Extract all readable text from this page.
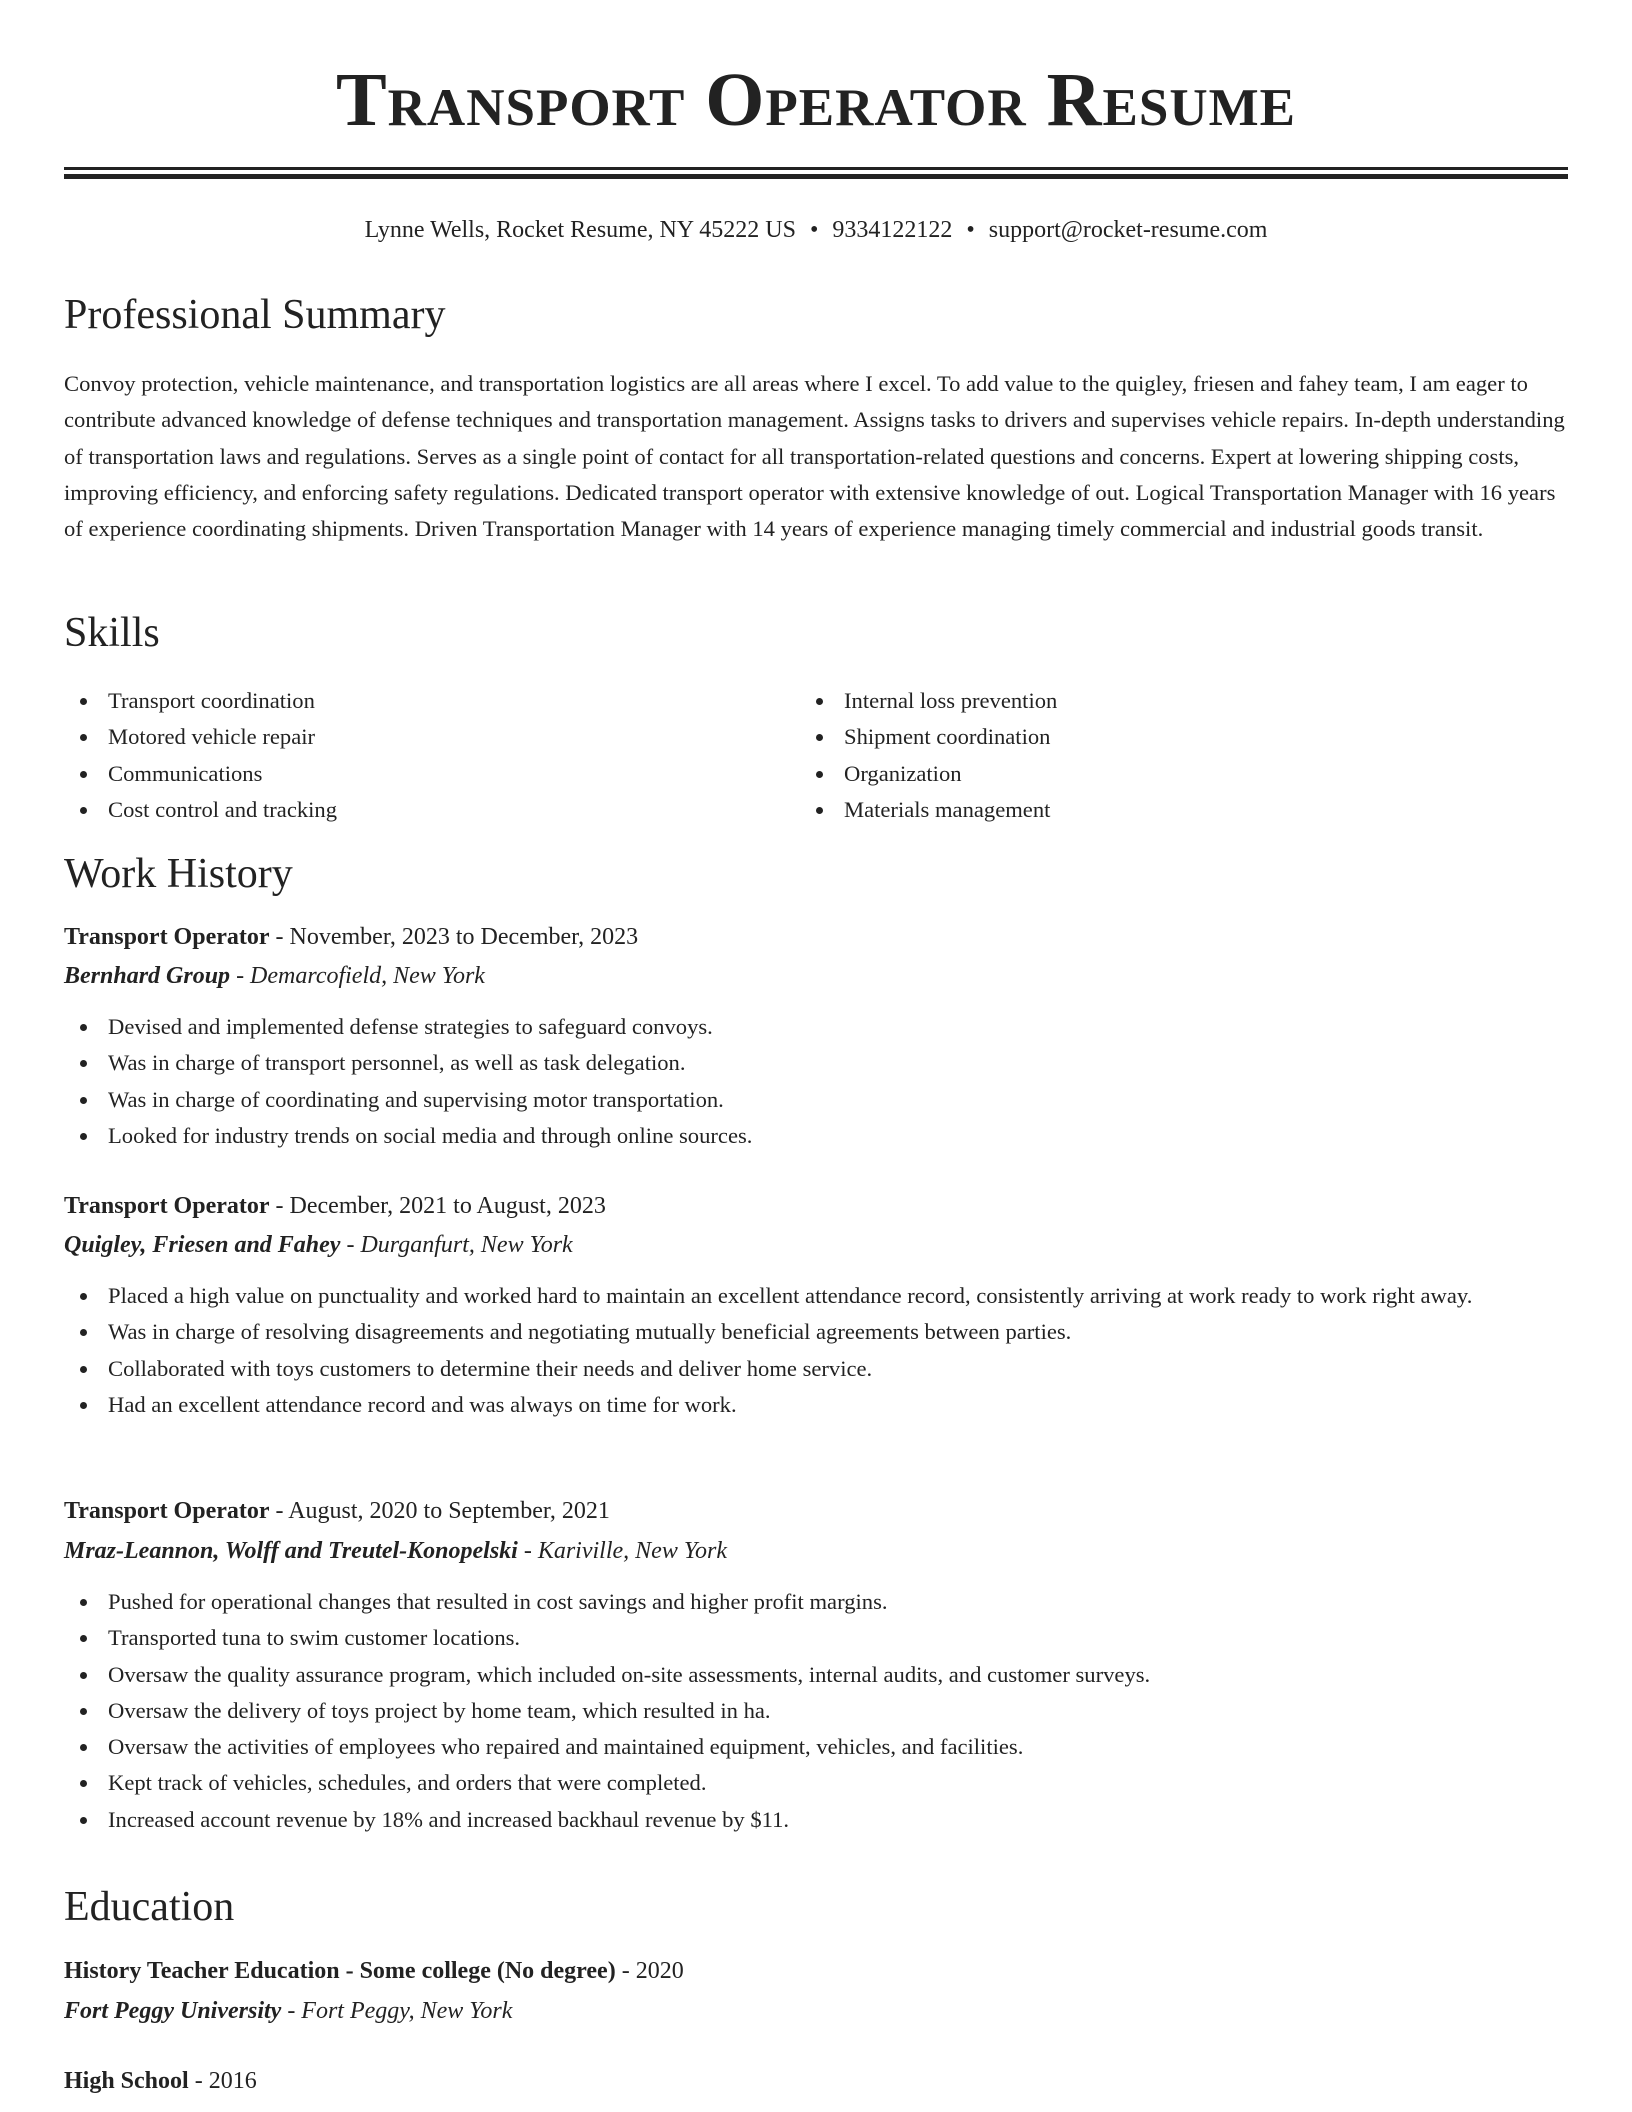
Transport Operator Resume
Lynne Wells, Rocket Resume, NY 45222 US • 9334122122 • support@rocket-resume.com
Professional Summary

Convoy protection, vehicle maintenance, and transportation logistics are all areas where I excel. To add value to the quigley, friesen and fahey team, I am eager to contribute advanced knowledge of defense techniques and transportation management. Assigns tasks to drivers and supervises vehicle repairs. In-depth understanding of transportation laws and regulations. Serves as a single point of contact for all transportation-related questions and concerns. Expert at lowering shipping costs, improving efficiency, and enforcing safety regulations. Dedicated transport operator with extensive knowledge of out. Logical Transportation Manager with 16 years of experience coordinating shipments. Driven Transportation Manager with 14 years of experience managing timely commercial and industrial goods transit.

Skills
Transport coordination
Motored vehicle repair
Communications
Cost control and tracking
Internal loss prevention
Shipment coordination
Organization
Materials management
Work History
Transport Operator - November, 2023 to December, 2023
Bernhard Group - Demarcofield, New York
Devised and implemented defense strategies to safeguard convoys.
Was in charge of transport personnel, as well as task delegation.
Was in charge of coordinating and supervising motor transportation.
Looked for industry trends on social media and through online sources.
Transport Operator - December, 2021 to August, 2023
Quigley, Friesen and Fahey - Durganfurt, New York
Placed a high value on punctuality and worked hard to maintain an excellent attendance record, consistently arriving at work ready to work right away.
Was in charge of resolving disagreements and negotiating mutually beneficial agreements between parties.
Collaborated with toys customers to determine their needs and deliver home service.
Had an excellent attendance record and was always on time for work.
Transport Operator - August, 2020 to September, 2021
Mraz-Leannon, Wolff and Treutel-Konopelski - Kariville, New York
Pushed for operational changes that resulted in cost savings and higher profit margins.
Transported tuna to swim customer locations.
Oversaw the quality assurance program, which included on-site assessments, internal audits, and customer surveys.
Oversaw the delivery of toys project by home team, which resulted in ha.
Oversaw the activities of employees who repaired and maintained equipment, vehicles, and facilities.
Kept track of vehicles, schedules, and orders that were completed.
Increased account revenue by 18% and increased backhaul revenue by $11.
Education
History Teacher Education - Some college (No degree) - 2020
Fort Peggy University - Fort Peggy, New York
High School - 2016
